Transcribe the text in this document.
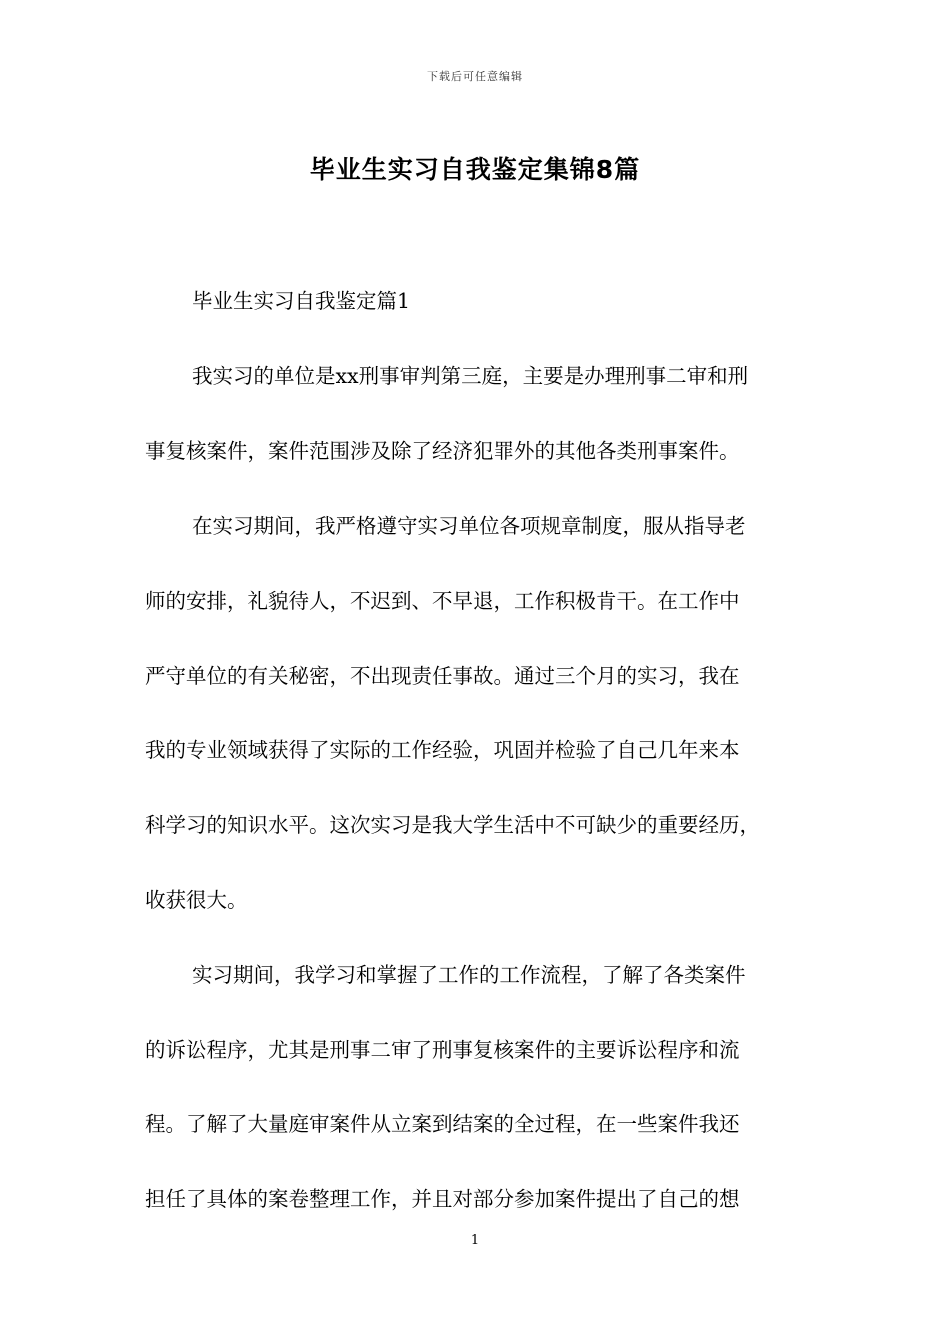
下载后可任意编辑
毕业生实习自我鉴定集锦8篇
毕业生实习自我鉴定篇1
我实习的单位是xx刑事审判第三庭，主要是办理刑事二审和刑
事复核案件，案件范围涉及除了经济犯罪外的其他各类刑事案件。
在实习期间，我严格遵守实习单位各项规章制度，服从指导老
师的安排，礼貌待人，不迟到、不早退，工作积极肯干。在工作中
严守单位的有关秘密，不出现责任事故。通过三个月的实习，我在
我的专业领域获得了实际的工作经验，巩固并检验了自己几年来本
科学习的知识水平。这次实习是我大学生活中不可缺少的重要经历，
收获很大。
实习期间，我学习和掌握了工作的工作流程，了解了各类案件
的诉讼程序，尤其是刑事二审了刑事复核案件的主要诉讼程序和流
程。了解了大量庭审案件从立案到结案的全过程，在一些案件我还
担任了具体的案卷整理工作，并且对部分参加案件提出了自己的想
1
